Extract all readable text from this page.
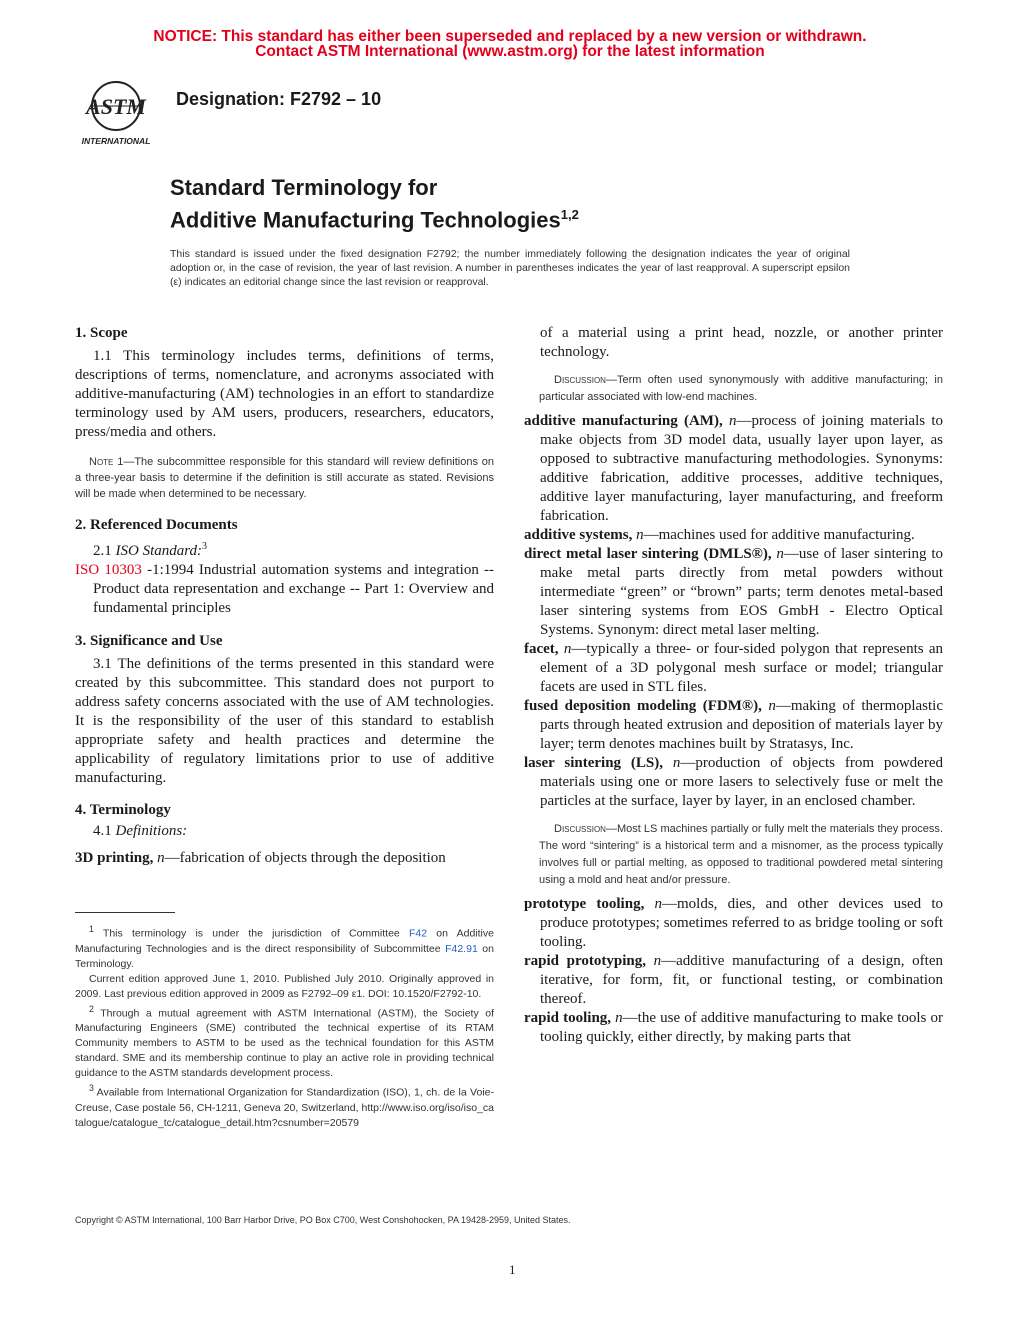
NOTICE: This standard has either been superseded and replaced by a new version or withdrawn.
Contact ASTM International (www.astm.org) for the latest information
ASTM
INTERNATIONAL
Designation: F2792 – 10
Standard Terminology for
Additive Manufacturing Technologies$^{1,2}$
This standard is issued under the fixed designation F2792; the number immediately following the designation indicates the year of original adoption or, in the case of revision, the year of last revision. A number in parentheses indicates the year of last reapproval. A superscript epsilon (ε) indicates an editorial change since the last revision or reapproval.

1. Scope

1.1 This terminology includes terms, definitions of terms, descriptions of terms, nomenclature, and acronyms associated with additive-manufacturing (AM) technologies in an effort to standardize terminology used by AM users, producers, researchers, educators, press/media and others.

Note 1—The subcommittee responsible for this standard will review definitions on a three-year basis to determine if the definition is still accurate as stated. Revisions will be made when determined to be necessary.

2. Referenced Documents

2.1 ISO Standard:$^3$

ISO 10303 -1:1994 Industrial automation systems and integration -- Product data representation and exchange -- Part 1: Overview and fundamental principles

3. Significance and Use

3.1 The definitions of the terms presented in this standard were created by this subcommittee. This standard does not purport to address safety concerns associated with the use of AM technologies. It is the responsibility of the user of this standard to establish appropriate safety and health practices and determine the applicability of regulatory limitations prior to use of additive manufacturing.

4. Terminology

4.1 Definitions:

3D printing, n—fabrication of objects through the deposition

$^1$ This terminology is under the jurisdiction of Committee F42 on Additive Manufacturing Technologies and is the direct responsibility of Subcommittee F42.91 on Terminology.

Current edition approved June 1, 2010. Published July 2010. Originally approved in 2009. Last previous edition approved in 2009 as F2792–09 ε1. DOI: 10.1520/F2792-10.

$^2$ Through a mutual agreement with ASTM International (ASTM), the Society of Manufacturing Engineers (SME) contributed the technical expertise of its RTAM Community members to ASTM to be used as the technical foundation for this ASTM standard. SME and its membership continue to play an active role in providing technical guidance to the ASTM standards development process.

$^3$ Available from International Organization for Standardization (ISO), 1, ch. de la Voie-Creuse, Case postale 56, CH-1211, Geneva 20, Switzerland, http://www.iso.org/iso/iso_catalogue/catalogue_tc/catalogue_detail.htm?csnumber=20579

of a material using a print head, nozzle, or another printer technology.

Discussion—Term often used synonymously with additive manufacturing; in particular associated with low-end machines.

additive manufacturing (AM), n—process of joining materials to make objects from 3D model data, usually layer upon layer, as opposed to subtractive manufacturing methodologies. Synonyms: additive fabrication, additive processes, additive techniques, additive layer manufacturing, layer manufacturing, and freeform fabrication.

additive systems, n—machines used for additive manufacturing.

direct metal laser sintering (DMLS®), n—use of laser sintering to make metal parts directly from metal powders without intermediate “green” or “brown” parts; term denotes metal-based laser sintering systems from EOS GmbH - Electro Optical Systems. Synonym: direct metal laser melting.

facet, n—typically a three- or four-sided polygon that represents an element of a 3D polygonal mesh surface or model; triangular facets are used in STL files.

fused deposition modeling (FDM®), n—making of thermoplastic parts through heated extrusion and deposition of materials layer by layer; term denotes machines built by Stratasys, Inc.

laser sintering (LS), n—production of objects from powdered materials using one or more lasers to selectively fuse or melt the particles at the surface, layer by layer, in an enclosed chamber.

Discussion—Most LS machines partially or fully melt the materials they process. The word “sintering” is a historical term and a misnomer, as the process typically involves full or partial melting, as opposed to traditional powdered metal sintering using a mold and heat and/or pressure.

prototype tooling, n—molds, dies, and other devices used to produce prototypes; sometimes referred to as bridge tooling or soft tooling.

rapid prototyping, n—additive manufacturing of a design, often iterative, for form, fit, or functional testing, or combination thereof.

rapid tooling, n—the use of additive manufacturing to make tools or tooling quickly, either directly, by making parts that

Copyright © ASTM International, 100 Barr Harbor Drive, PO Box C700, West Conshohocken, PA 19428-2959, United States.
1
